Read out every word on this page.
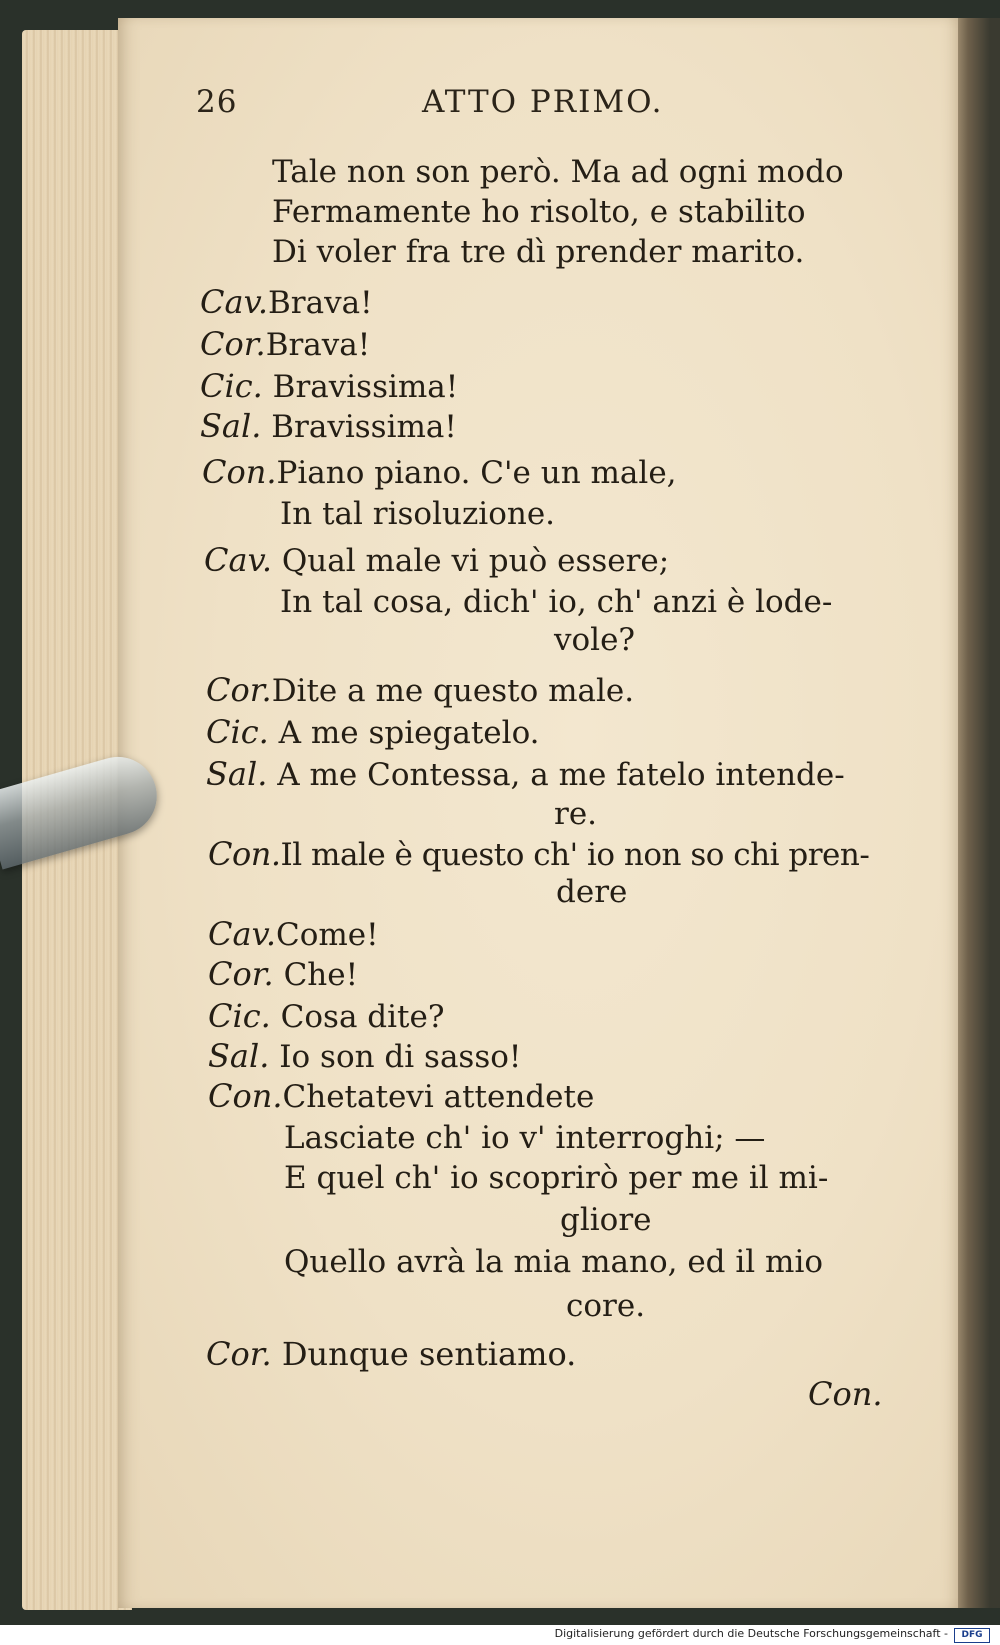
‎ ‎ ‎
26	ATTO PRIMO.
Tale non son però. Ma ad ogni modo
Fermamente ho risolto, e stabilito
Di voler fra tre dì prender marito.
Cav.Brava!
Cor.Brava!
Cic. Bravissima!
Sal. Bravissima!
Con.Piano piano. C'e un male,
In tal risoluzione.
Cav. Qual male vi può essere;
In tal cosa, dich' io, ch' anzi è lode-
vole?
Cor.Dite a me questo male.
Cic. A me spiegatelo.
Sal. A me Contessa, a me fatelo intende-
re.
Con.Il male è questo ch' io non so chi pren-
dere
Cav.Come!
Cor. Che!
Cic. Cosa dite?
Sal. Io son di sasso!
Con.Chetatevi attendete
Lasciate ch' io v' interroghi; —
E quel ch' io scoprirò per me il mi-
gliore
Quello avrà la mia mano, ed il mio
core.
Cor. Dunque sentiamo.
Con.
Digitalisierung gefördert durch die Deutsche Forschungsgemeinschaft -	DFG
